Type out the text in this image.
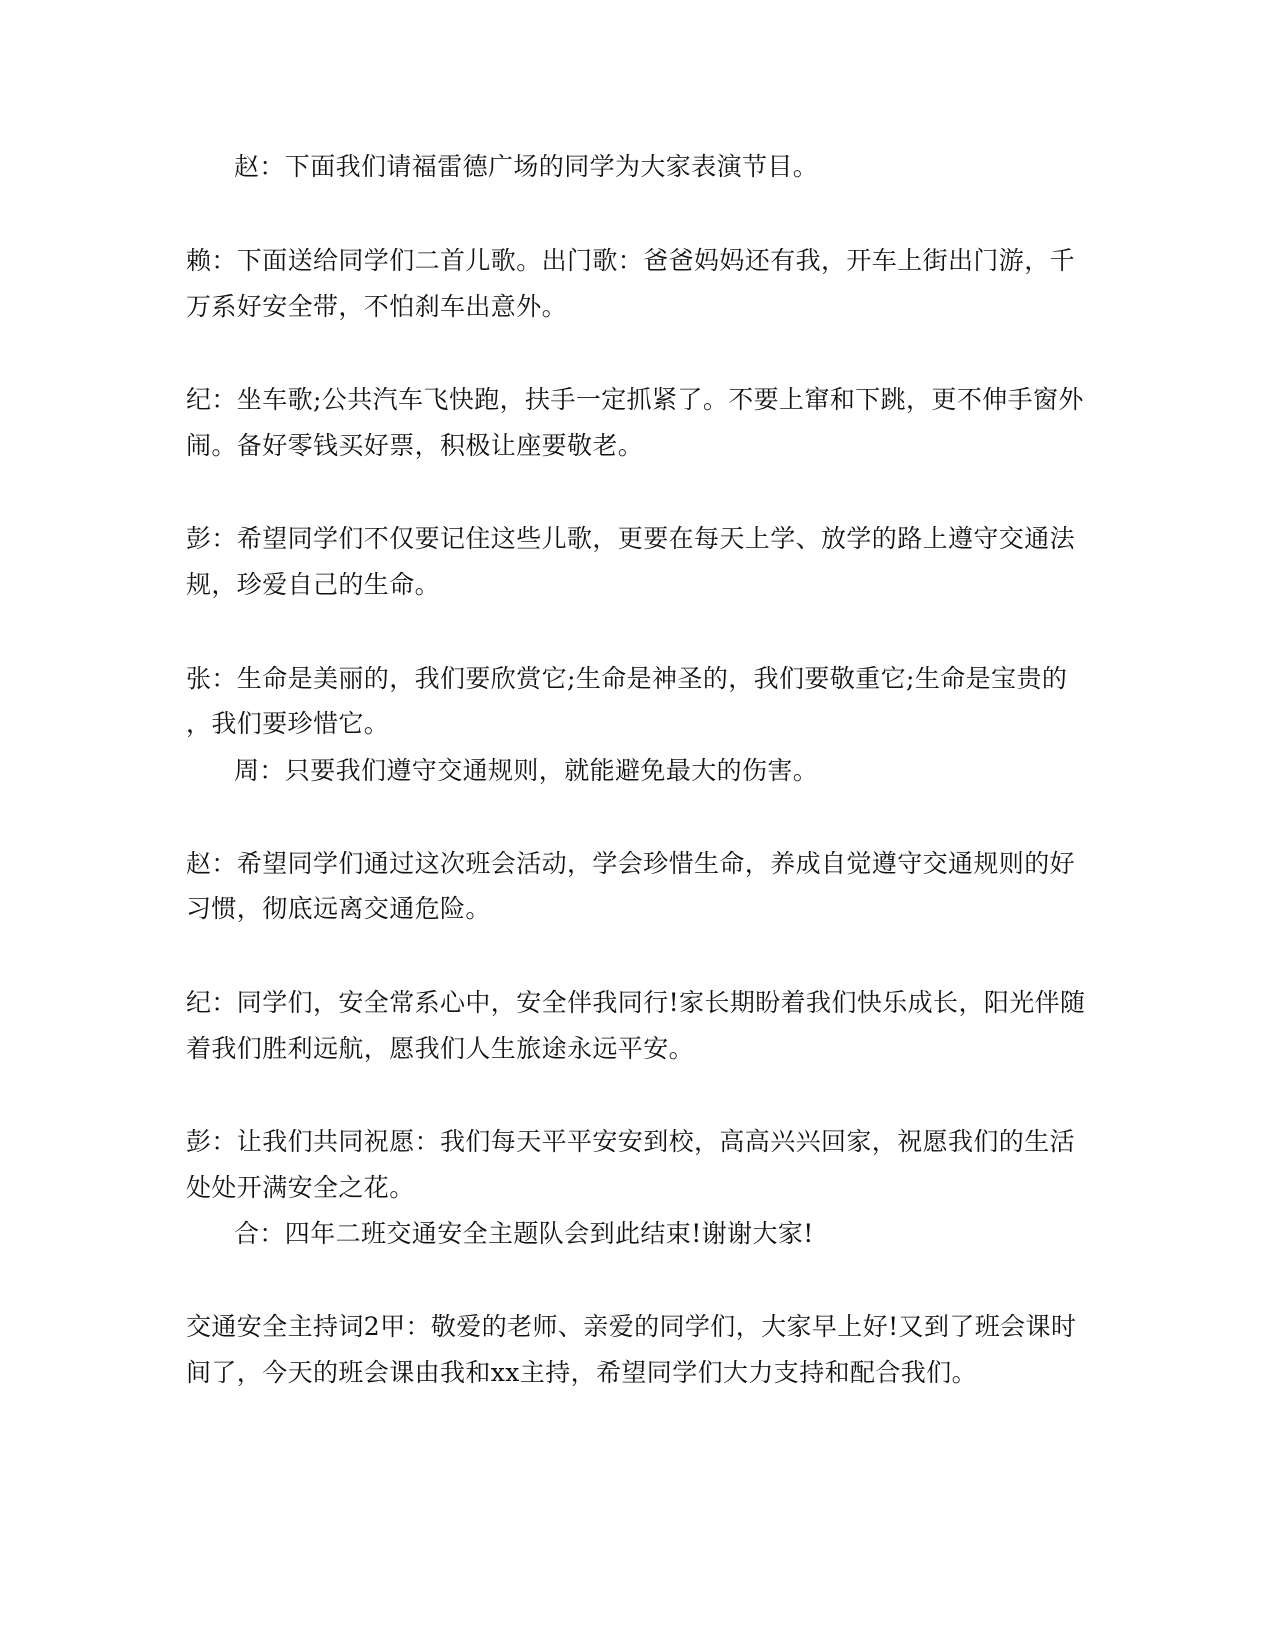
赵：下面我们请福雷德广场的同学为大家表演节目。
赖：下面送给同学们二首儿歌。出门歌：爸爸妈妈还有我，开车上街出门游，千
万系好安全带，不怕刹车出意外。
纪：坐车歌;公共汽车飞快跑，扶手一定抓紧了。不要上窜和下跳，更不伸手窗外
闹。备好零钱买好票，积极让座要敬老。
彭：希望同学们不仅要记住这些儿歌，更要在每天上学、放学的路上遵守交通法
规，珍爱自己的生命。
张：生命是美丽的，我们要欣赏它;生命是神圣的，我们要敬重它;生命是宝贵的
，我们要珍惜它。
周：只要我们遵守交通规则，就能避免最大的伤害。
赵：希望同学们通过这次班会活动，学会珍惜生命，养成自觉遵守交通规则的好
习惯，彻底远离交通危险。
纪：同学们，安全常系心中，安全伴我同行!家长期盼着我们快乐成长，阳光伴随
着我们胜利远航，愿我们人生旅途永远平安。
彭：让我们共同祝愿：我们每天平平安安到校，高高兴兴回家，祝愿我们的生活
处处开满安全之花。
合：四年二班交通安全主题队会到此结束!谢谢大家!
交通安全主持词2甲：敬爱的老师、亲爱的同学们，大家早上好!又到了班会课时
间了，今天的班会课由我和xx主持，希望同学们大力支持和配合我们。
